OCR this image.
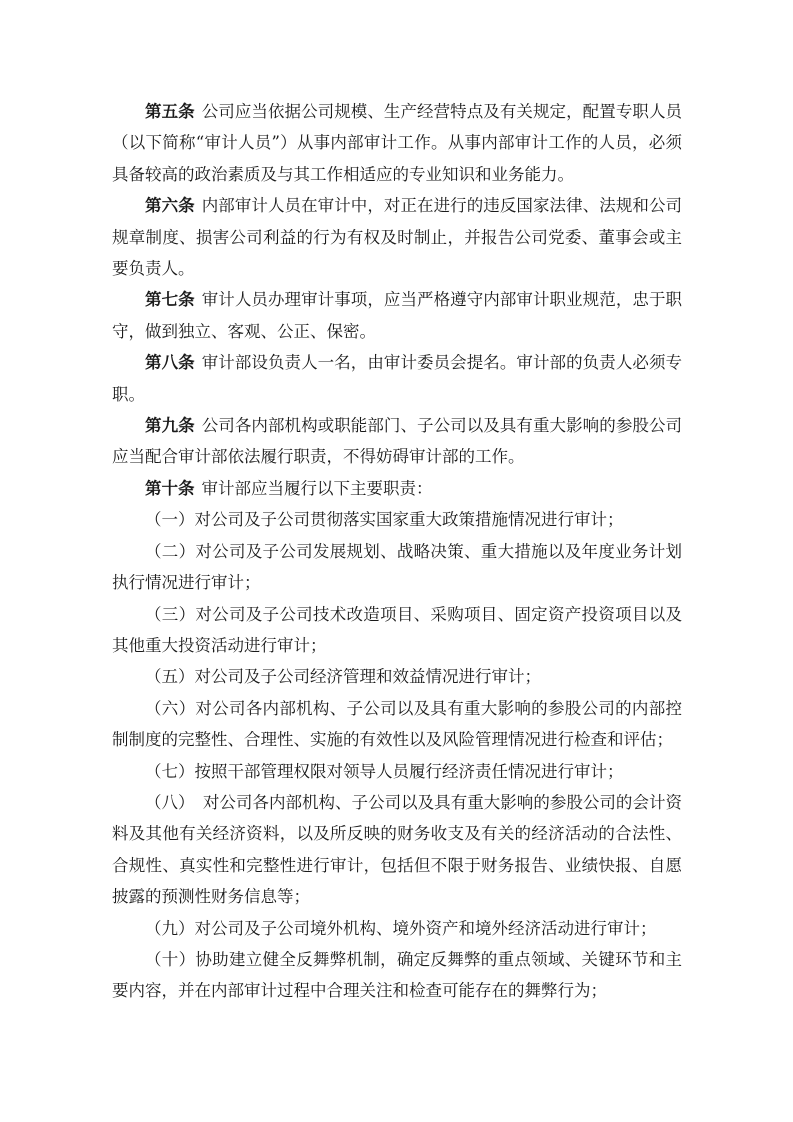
第五条 公司应当依据公司规模、生产经营特点及有关规定，配置专职人员（以下简称“审计人员”）从事内部审计工作。从事内部审计工作的人员，必须具备较高的政治素质及与其工作相适应的专业知识和业务能力。

第六条 内部审计人员在审计中，对正在进行的违反国家法律、法规和公司规章制度、损害公司利益的行为有权及时制止，并报告公司党委、董事会或主要负责人。

第七条 审计人员办理审计事项，应当严格遵守内部审计职业规范，忠于职守，做到独立、客观、公正、保密。

第八条 审计部设负责人一名，由审计委员会提名。审计部的负责人必须专职。

第九条 公司各内部机构或职能部门、子公司以及具有重大影响的参股公司应当配合审计部依法履行职责，不得妨碍审计部的工作。

第十条 审计部应当履行以下主要职责：

（一）对公司及子公司贯彻落实国家重大政策措施情况进行审计；

（二）对公司及子公司发展规划、战略决策、重大措施以及年度业务计划执行情况进行审计；

（三）对公司及子公司技术改造项目、采购项目、固定资产投资项目以及其他重大投资活动进行审计；

（五）对公司及子公司经济管理和效益情况进行审计；

（六）对公司各内部机构、子公司以及具有重大影响的参股公司的内部控制制度的完整性、合理性、实施的有效性以及风险管理情况进行检查和评估；

（七）按照干部管理权限对领导人员履行经济责任情况进行审计；

（八）　对公司各内部机构、子公司以及具有重大影响的参股公司的会计资料及其他有关经济资料，以及所反映的财务收支及有关的经济活动的合法性、合规性、真实性和完整性进行审计，包括但不限于财务报告、业绩快报、自愿披露的预测性财务信息等；

（九）对公司及子公司境外机构、境外资产和境外经济活动进行审计；

（十）协助建立健全反舞弊机制，确定反舞弊的重点领域、关键环节和主要内容，并在内部审计过程中合理关注和检查可能存在的舞弊行为；
